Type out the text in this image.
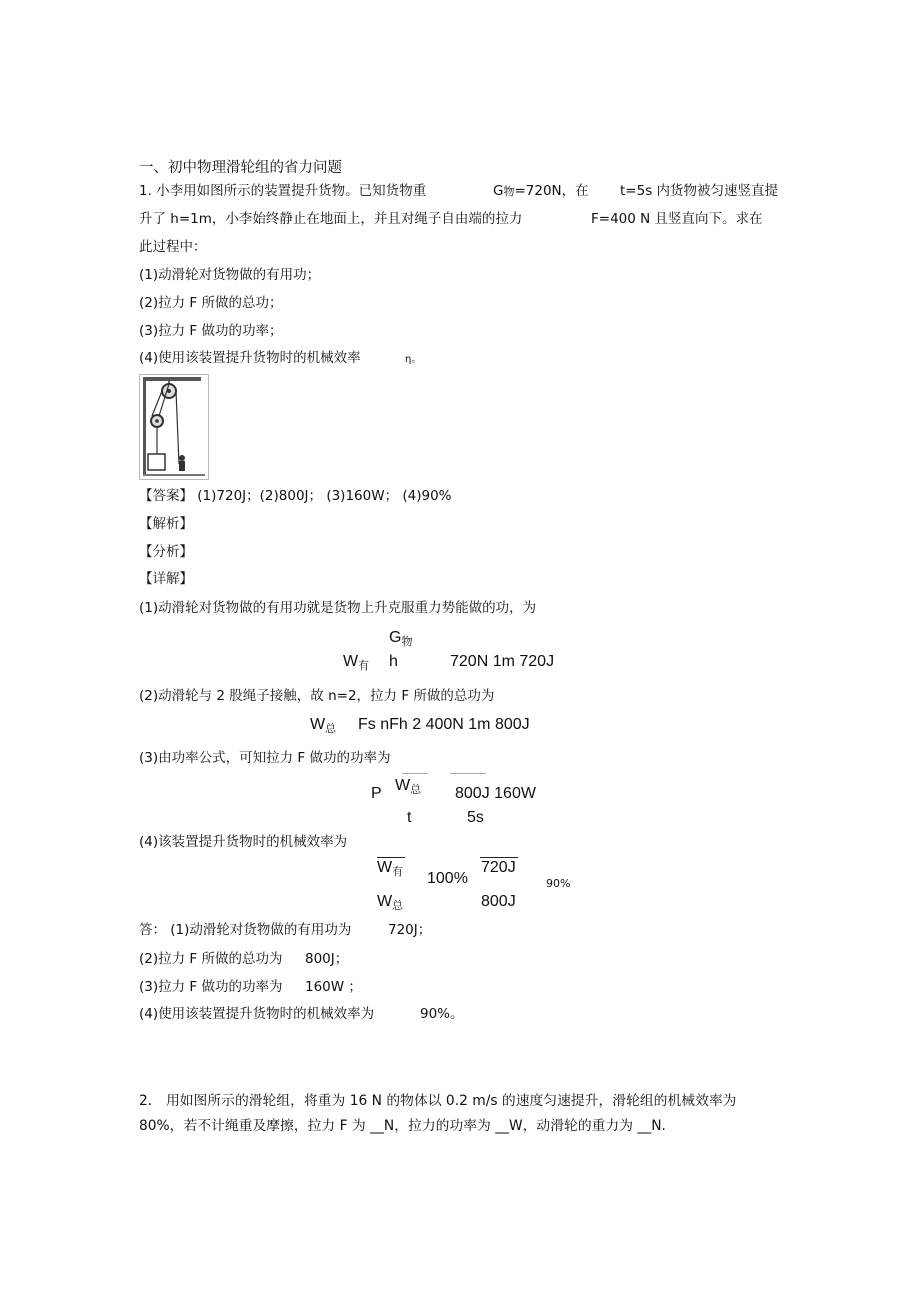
一、初中物理滑轮组的省力问题
1. 小李用如图所示的装置提升货物。已知货物重	G物=720N，在 t=5s 内货物被匀速竖直提
升了 h=1m，小李始终静止在地面上，并且对绳子自由端的拉力	F=400 N 且竖直向下。求在
此过程中：
(1)动滑轮对货物做的有用功；
(2)拉力 F 所做的总功；
(3)拉力 F 做功的功率；
(4)使用该装置提升货物时的机械效率	η。
【答案】 (1)720J；(2)800J； (3)160W； (4)90%
【解析】
【分析】
【详解】
(1)动滑轮对货物做的有用功就是货物上升克服重力势能做的功，为
G物
W有 h	720N 1m 720J
(2)动滑轮与 2 股绳子接触，故 n=2，拉力 F 所做的总功为
W总 Fs nFh 2 400N 1m 800J
(3)由功率公式，可知拉力 F 做功的功率为
P W总 800J 160W
t	5s
(4)该装置提升货物时的机械效率为
W有 100%
720J
90%
W总	800J
答： (1)动滑轮对货物做的有用功为	720J；
(2)拉力 F 所做的总功为 800J；
(3)拉力 F 做功的功率为 160W ；
(4)使用该装置提升货物时的机械效率为	90%。
2． 用如图所示的滑轮组，将重为 16 N 的物体以 0.2 m/s 的速度匀速提升，滑轮组的机械效率为
80%，若不计绳重及摩擦，拉力 F 为 __N，拉力的功率为 __W，动滑轮的重力为 __N.
